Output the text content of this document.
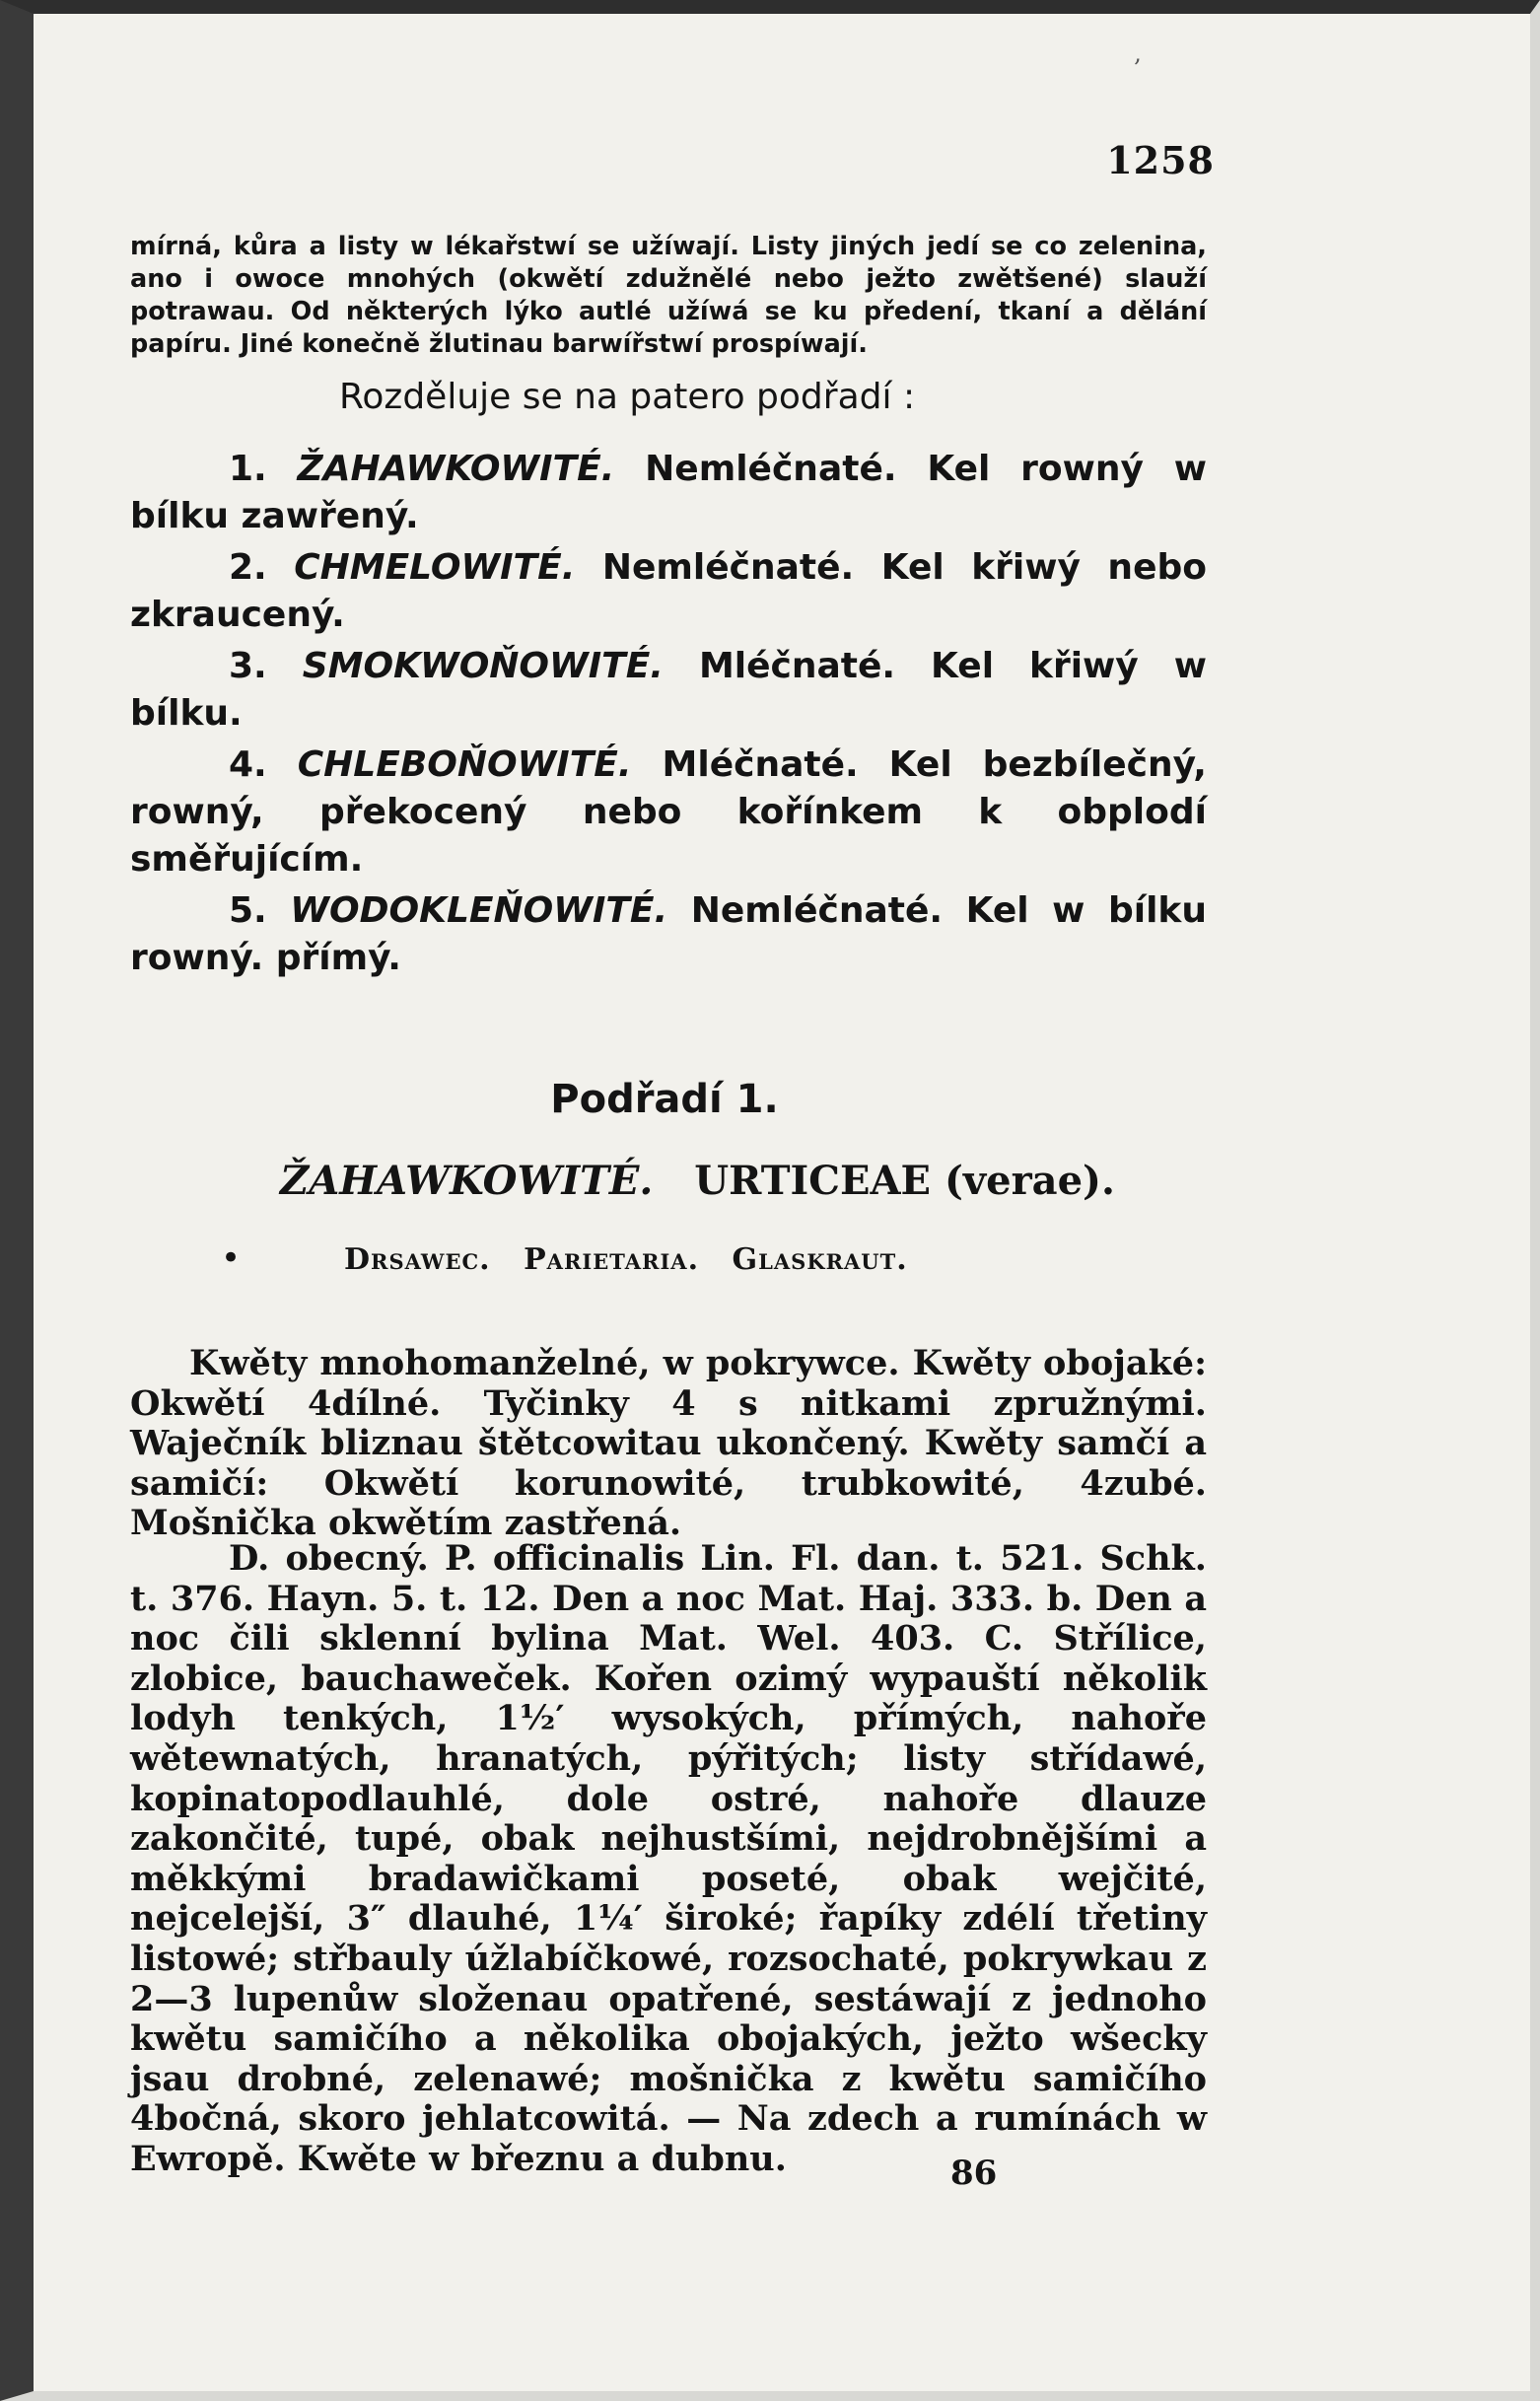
‚
1258

mírná, kůra a listy w lékařstwí se užíwají. Listy jiných jedí se co zelenina, ano i owoce mnohých (okwětí zdužnělé nebo ježto zwětšené) slauží potrawau. Od některých lýko autlé užíwá se ku předení, tkaní a dělání papíru. Jiné konečně žlutinau barwířstwí prospíwají.

Rozděluje se na patero podřadí :

1. ŽAHAWKOWITÉ. Nemléčnaté. Kel rowný w bílku zawřený.

2. CHMELOWITÉ. Nemléčnaté. Kel křiwý nebo zkraucený.

3. SMOKWOŇOWITÉ. Mléčnaté. Kel křiwý w bílku.

4. CHLEBOŇOWITÉ. Mléčnaté. Kel bezbílečný, rowný, překocený nebo kořínkem k obplodí směřujícím.

5. WODOKLEŇOWITÉ. Nemléčnaté. Kel w bílku rowný. přímý.

Podřadí 1.
ŽAHAWKOWITÉ. URTICEAE (verae).
•	Drsawec. Parietaria. Glaskraut.

Kwěty mnohomanželné, w pokrywce. Kwěty obojaké: Okwětí 4dílné. Tyčinky 4 s nitkami zpružnými. Waječník bliznau štětcowitau ukončený. Kwěty samčí a samičí: Okwětí korunowité, trubkowité, 4zubé. Mošnička okwětím zastřená.

D. obecný. P. officinalis Lin. Fl. dan. t. 521. Schk. t. 376. Hayn. 5. t. 12. Den a noc Mat. Haj. 333. b. Den a noc čili sklenní bylina Mat. Wel. 403. C. Střílice, zlobice, bauchaweček. Kořen ozimý wypauští několik lodyh tenkých, 1½′ wysokých, přímých, nahoře wětewnatých, hranatých, pýřitých; listy střídawé, kopinatopodlauhlé, dole ostré, nahoře dlauze zakončité, tupé, obak nejhustšími, nejdrobnějšími a měkkými bradawičkami poseté, obak wejčité, nejcelejší, 3″ dlauhé, 1¼′ široké; řapíky zdélí třetiny listowé; střbauly úžlabíčkowé, rozsochaté, pokrywkau z 2—3 lupenůw složenau opatřené, sestáwají z jednoho kwětu samičího a několika obojakých, ježto wšecky jsau drobné, zelenawé; mošnička z kwětu samičího 4bočná, skoro jehlatcowitá. — Na zdech a rumínách w Ewropě. Kwěte w březnu a dubnu.	86
